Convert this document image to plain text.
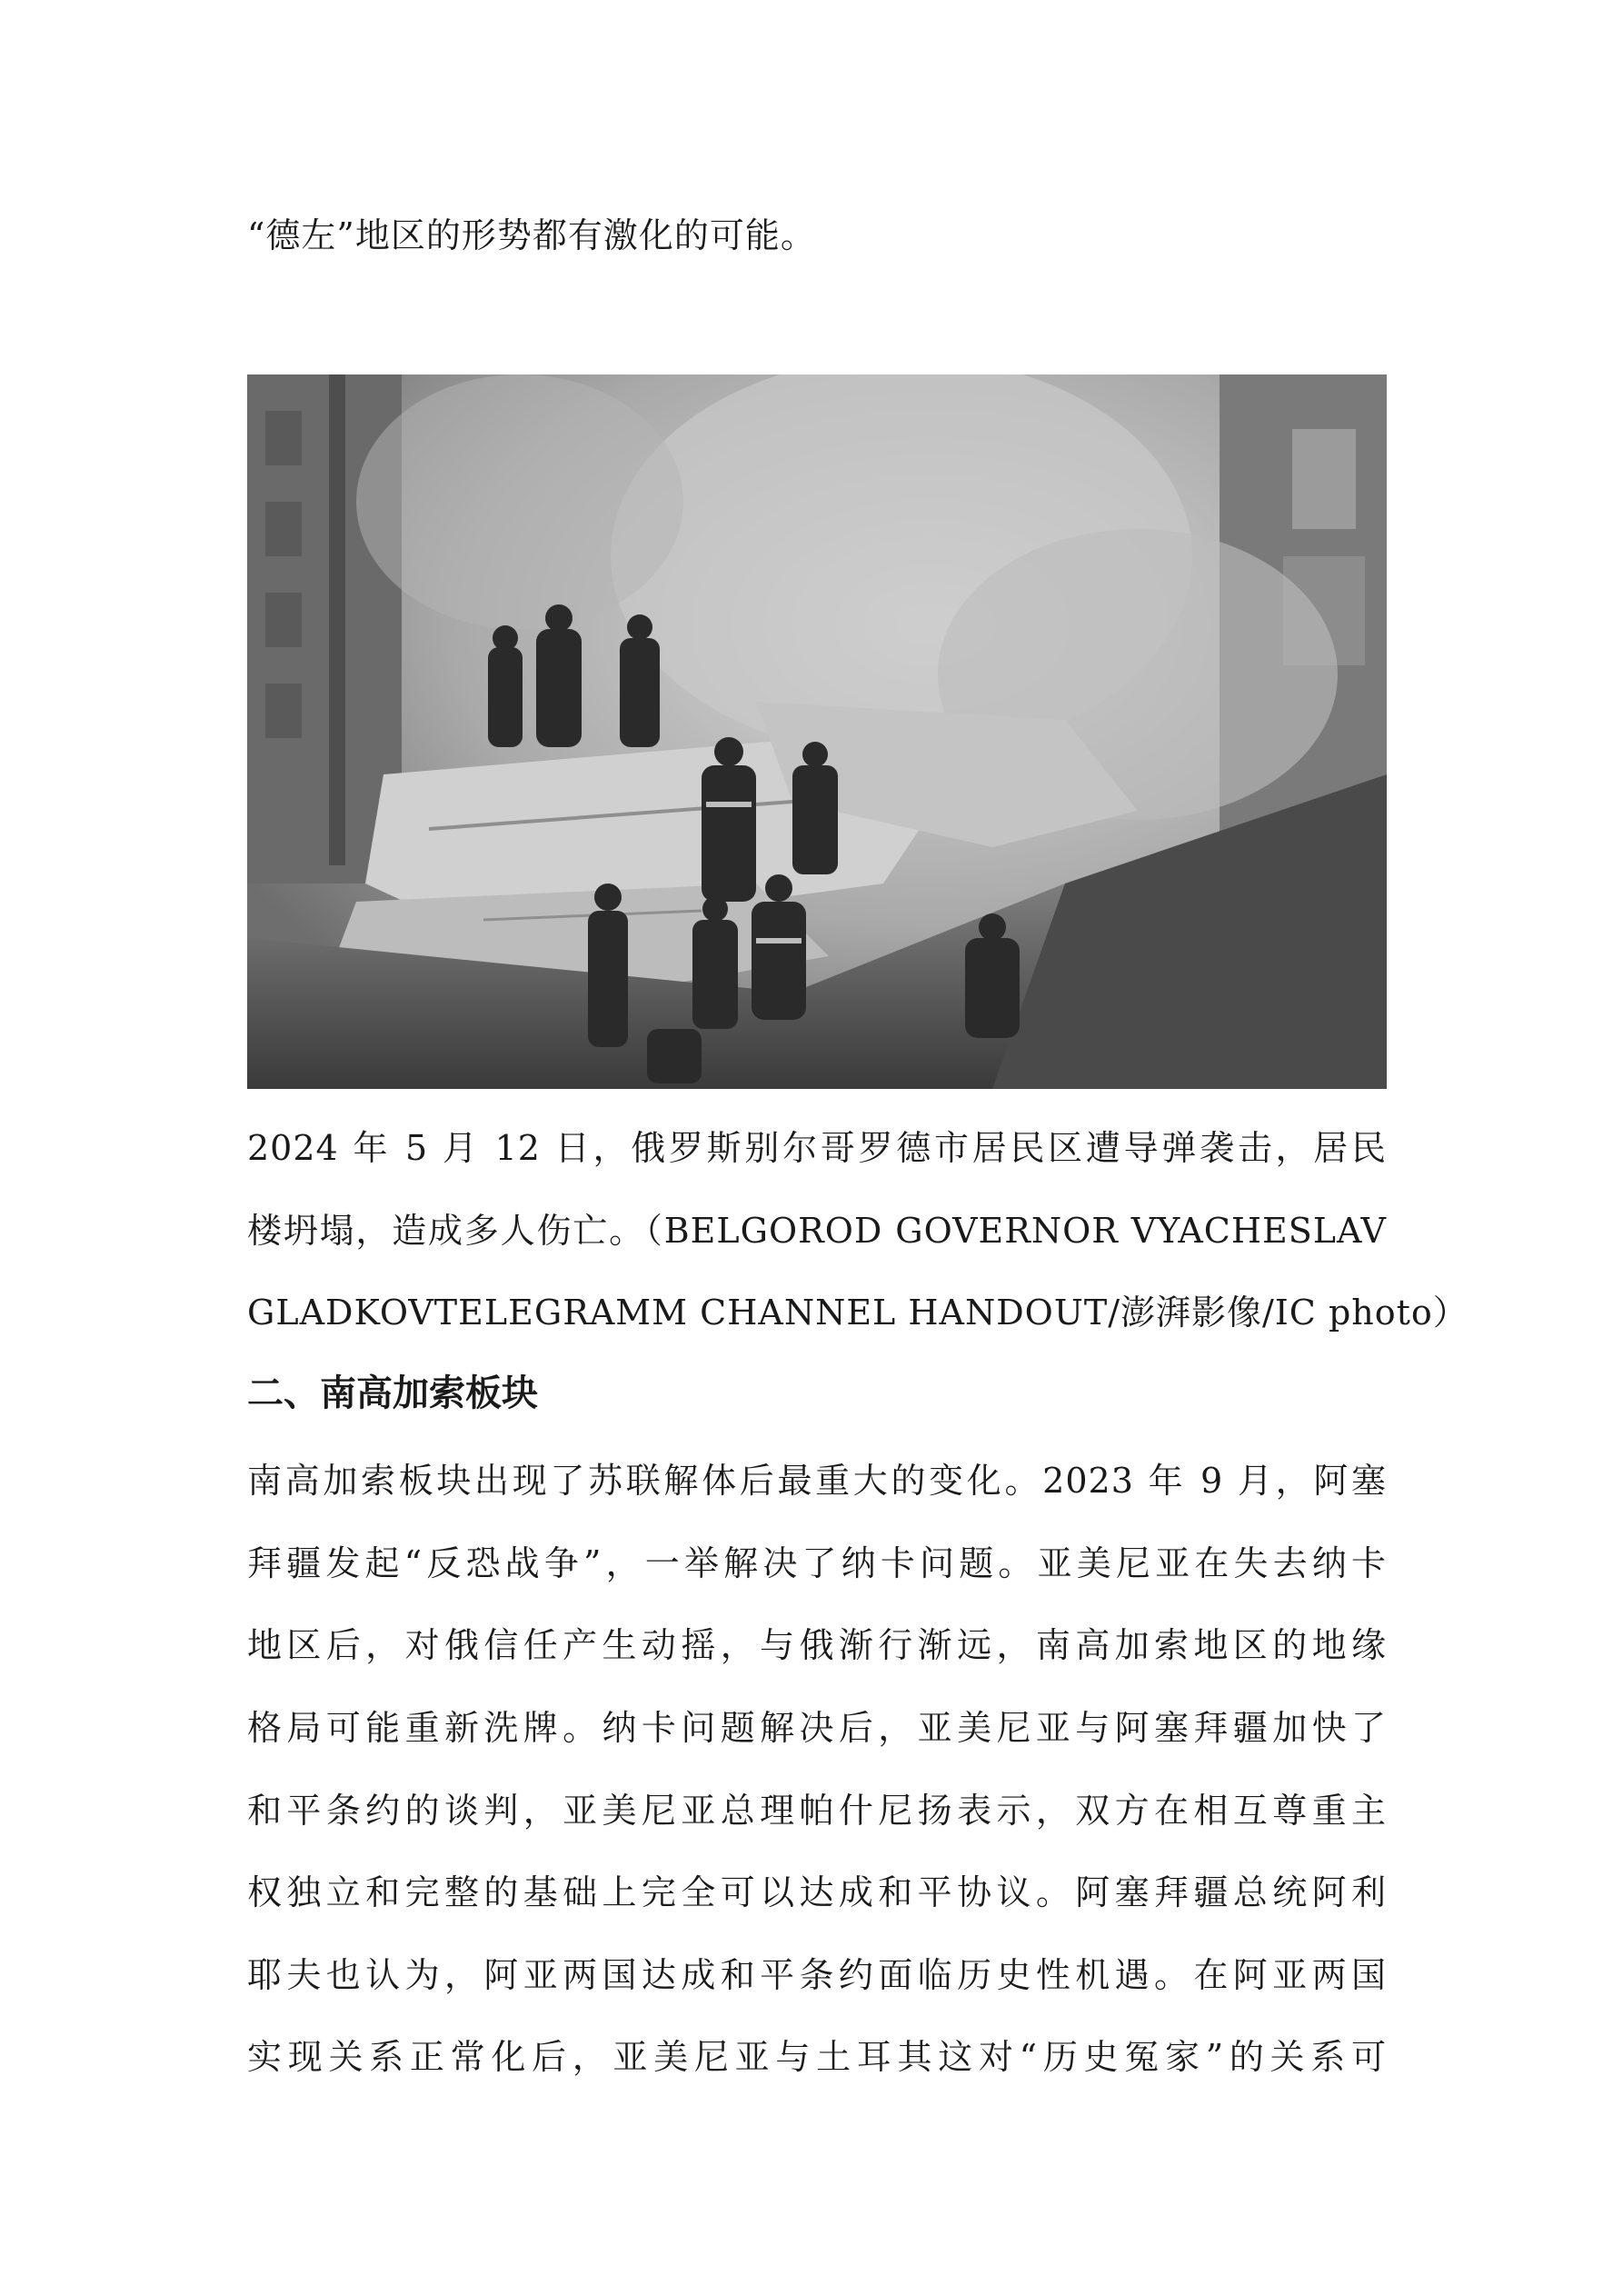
“德左”地区的形势都有激化的可能。
2024 年 5 月 12 日，俄罗斯别尔哥罗德市居民区遭导弹袭击，居民
楼坍塌，造成多人伤亡。（BELGOROD GOVERNOR VYACHESLAV
GLADKOVTELEGRAMM CHANNEL HANDOUT/澎湃影像/IC photo）
二、南高加索板块
南高加索板块出现了苏联解体后最重大的变化。2023 年 9 月，阿塞
拜疆发起“反恐战争”，一举解决了纳卡问题。亚美尼亚在失去纳卡
地区后，对俄信任产生动摇，与俄渐行渐远，南高加索地区的地缘
格局可能重新洗牌。纳卡问题解决后，亚美尼亚与阿塞拜疆加快了
和平条约的谈判，亚美尼亚总理帕什尼扬表示，双方在相互尊重主
权独立和完整的基础上完全可以达成和平协议。阿塞拜疆总统阿利
耶夫也认为，阿亚两国达成和平条约面临历史性机遇。在阿亚两国
实现关系正常化后，亚美尼亚与土耳其这对“历史冤家”的关系可
